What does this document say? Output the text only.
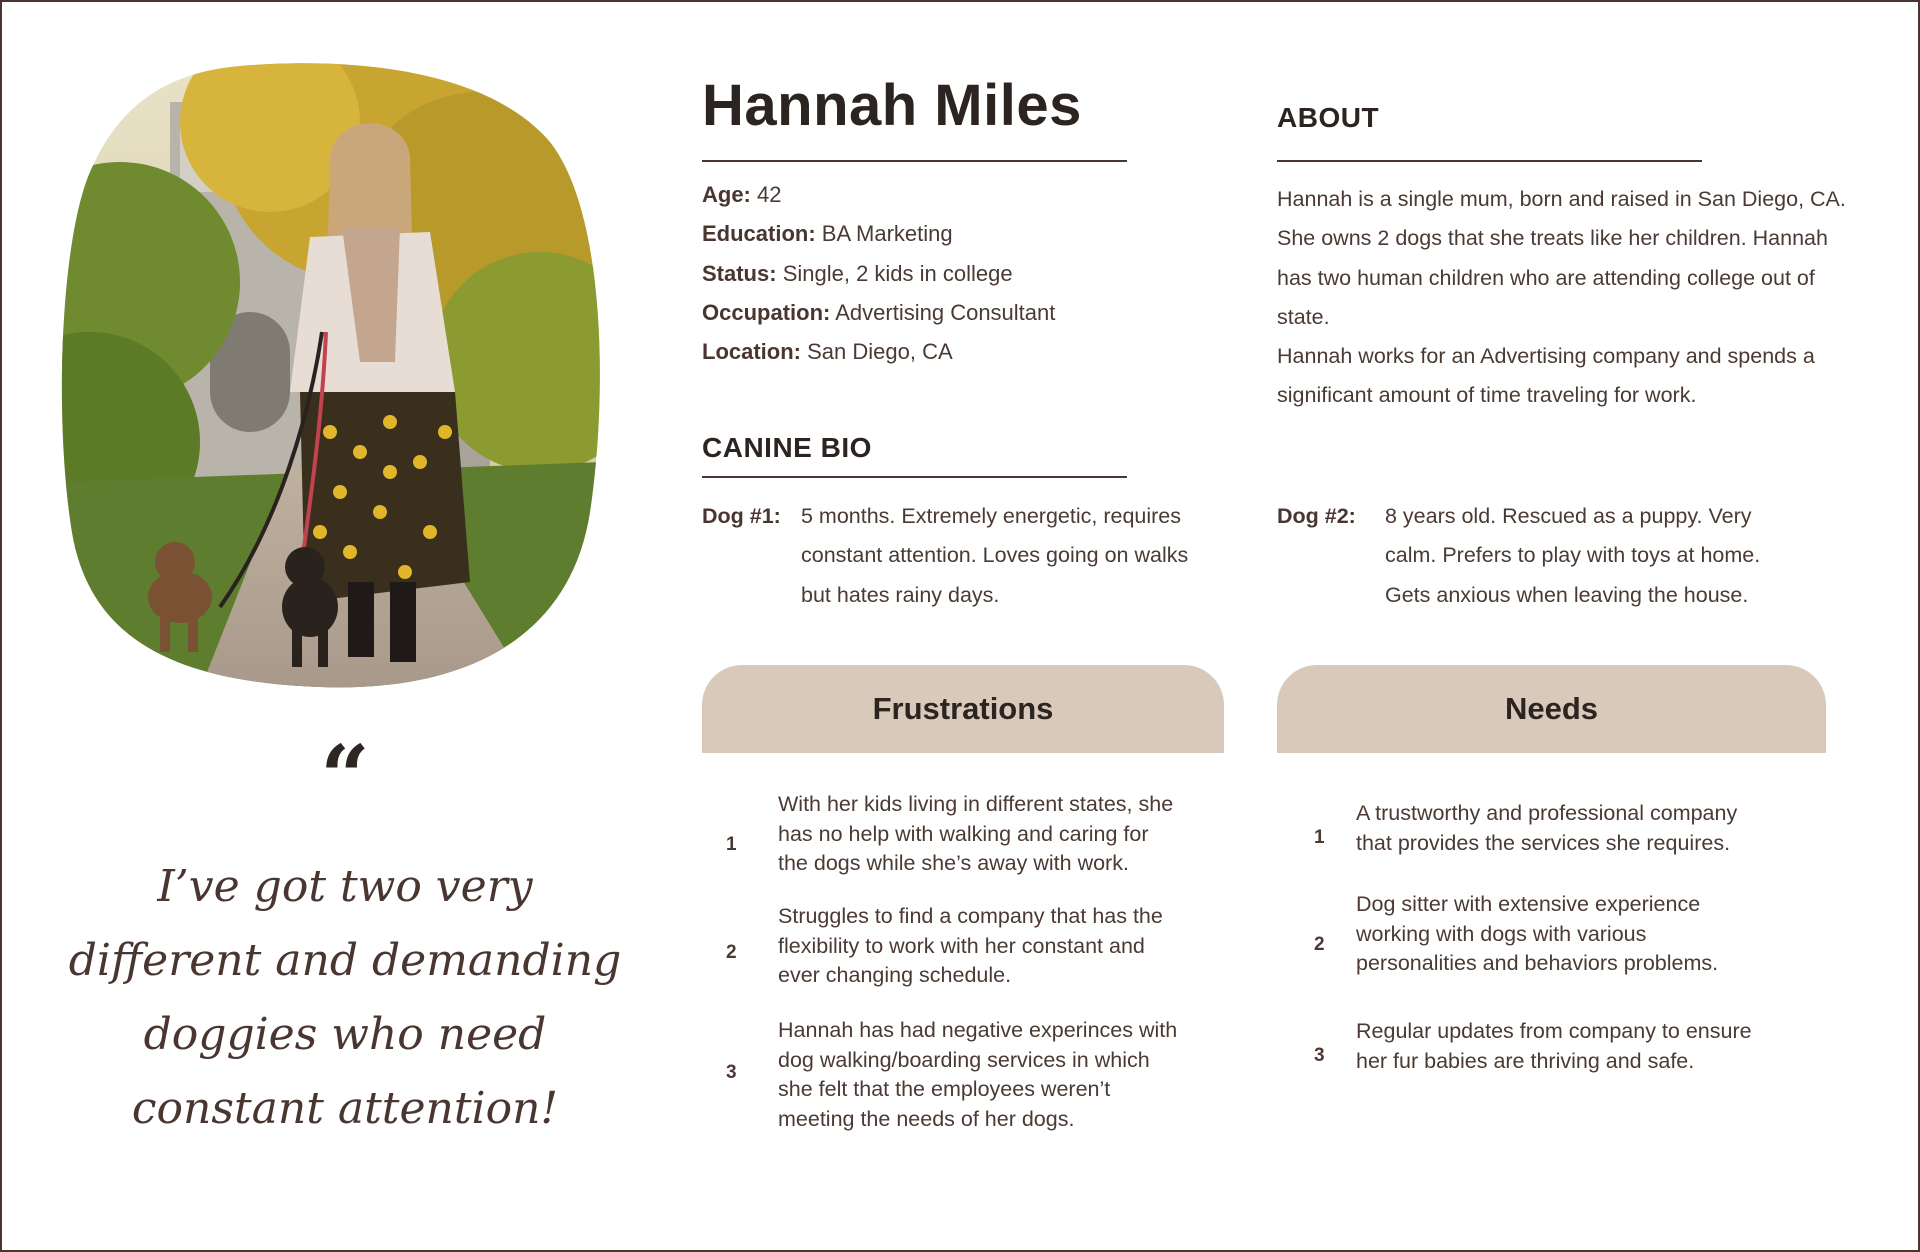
“
I’ve got two very different and demanding doggies who need constant attention!
Hannah Miles
Age: 42
Education: BA Marketing
Status: Single, 2 kids in college
Occupation: Advertising Consultant
Location: San Diego, CA
ABOUT
Hannah is a single mum, born and raised in San Diego, CA. She owns 2 dogs that she treats like her children. Hannah has two human children who are attending college out of state.
Hannah works for an Advertising company and spends a significant amount of time traveling for work.
CANINE BIO
Dog #1: 5 months. Extremely energetic, requires constant attention. Loves going on walks but hates rainy days.
Dog #2: 8 years old. Rescued as a puppy. Very calm. Prefers to play with toys at home. Gets anxious when leaving the house.
Frustrations
1
With her kids living in different states, she has no help with walking and caring for the dogs while she’s away with work.
2
Struggles to find a company that has the flexibility to work with her constant and ever changing schedule.
3
Hannah has had negative experinces with dog walking/boarding services in which she felt that the employees weren’t meeting the needs of her dogs.
Needs
1
A trustworthy and professional company that provides the services she requires.
2
Dog sitter with extensive experience working with dogs with various personalities and behaviors problems.
3
Regular updates from company to ensure her fur babies are thriving and safe.
